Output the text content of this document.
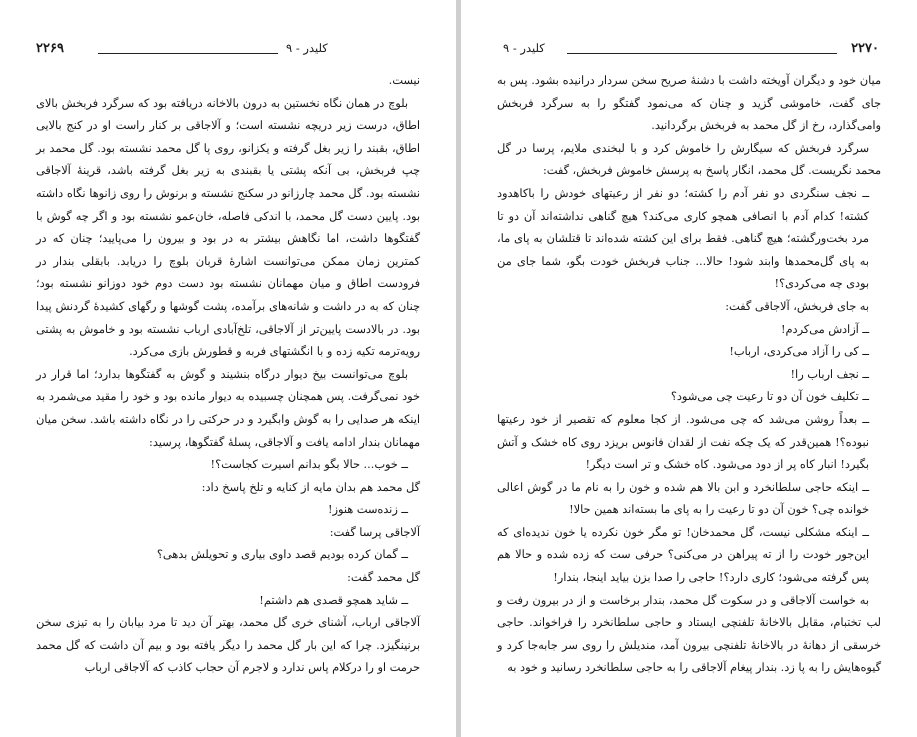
۲۲۶۹	کلیدر - ۹

نیست.

بلوچ در همان نگاه نخستین به درون بالاخانه دریافته بود که سرگرد فربخش بالای اطاق، درست زیر دریچه نشسته است؛ و آلاجاقی بر کنار راست او در کنج بالایی اطاق، بقبند را زیر بغل گرفته و یکزانو، روی پا گل محمد نشسته بود. گل محمد بر چپ فربخش، بی آنکه پشتی یا بقبندی به زیر بغل گرفته باشد، قرینهٔ آلاجاقی نشسته بود. گل محمد چارزانو در سکنج نشسته و برنوش را روی زانوها نگاه داشته بود. پایین دست گل محمد، با اندکی فاصله، خان‌عمو نشسته بود و اگر چه گوش با گفتگوها داشت، اما نگاهش بیشتر به در بود و بیرون را می‌پایید؛ چنان که در کمترین زمان ممکن می‌توانست اشارهٔ قربان بلوچ را دریابد. بابقلی بندار در فرودست اطاق و میان مهمانان نشسته بود دست دوم خود دوزانو نشسته بود؛ چنان که به در داشت و شانه‌های برآمده، پشت گوشها و رگهای کشیدهٔ گردنش پیدا بود. در بالادست پایین‌تر از آلاجاقی، تلخ‌آبادی ارباب نشسته بود و خاموش به پشتی رویه‌ترمه تکیه زده و با انگشتهای فربه و قطورش بازی می‌کرد.

بلوچ می‌توانست بیخ دیوار درگاه بنشیند و گوش به گفتگوها بدارد؛ اما قرار در خود نمی‌گرفت. پس همچنان چسبیده به دیوار مانده بود و خود را مقید می‌شمرد به اینکه هر صدایی را به گوش وابگیرد و در حرکتی را در نگاه داشته باشد. سخن میان مهمانان بندار ادامه یافت و آلاجاقی، پسلهٔ گفتگوها، پرسید:

ــ خوب... حالا بگو بدانم اسیرت کجاست؟!

گل محمد هم بدان مایه از کنایه و تلخ پاسخ داد:

ــ زنده‌ست هنوز!

آلاجاقی پرسا گفت:

ــ گمان کرده بودیم قصد داوی بیاری و تحویلش بدهی؟

گل محمد گفت:

ــ شاید همچو قصدی هم داشتم!

آلاجاقی ارباب، آشنای خری گل محمد، بهتر آن دید تا مرد بیابان را به تیزی سخن برنینگیزد. چرا که این بار گل محمد را دیگر یافته بود و بیم آن داشت که گل محمد حرمت او را درکلام پاس ندارد و لاجرم آن حجاب کاذب که آلاجاقی ارباب

۲۲۷۰
کلیدر - ۹

میان خود و دیگران آویخته داشت با دشنهٔ صریح سخن سردار درانیده بشود. پس به جای گفت، خاموشی گزید و چنان که می‌نمود گفتگو را به سرگرد فربخش وامی‌گذارد، رخ از گل محمد به فربخش برگردانید.

سرگرد فربخش که سیگارش را خاموش کرد و با لبخندی ملایم، پرسا در گل محمد نگریست. گل محمد، انگار پاسخ به پرسش خاموش فربخش، گفت:

ــ نجف سنگردی دو نفر آدم را کشته؛ دو نفر از رعیتهای خودش را باکاهدود کشته! کدام آدم با انصافی همچو کاری می‌کند؟ هیچ گناهی نداشته‌اند آن دو تا مرد بخت‌ورگشته؛ هیچ گناهی. فقط برای این کشته شده‌اند تا قتلشان به پای ما، به پای گل‌محمدها وابند شود! حالا... جناب فربخش خودت بگو، شما جای من بودی چه می‌کردی؟!

به جای فربخش، آلاجاقی گفت:

ــ آزادش می‌کردم!

ــ کی را آزاد می‌کردی، ارباب!

ــ نجف ارباب را!

ــ تکلیف خون آن دو تا رعیت چی می‌شود؟

ــ بعداً روشن می‌شد که چی می‌شود. از کجا معلوم که تقصیر از خود رعیتها نبوده؟! همین‌قدر که یک چکه نفت از لقدان فانوس بریزد روی کاه خشک و آتش بگیرد! انبار کاه پر از دود می‌شود. کاه خشک و تر است دیگر!

ــ اینکه حاجی سلطانخرد و ابن بالا هم شده و خون را به نام ما در گوش اعالی خوانده چی؟ خون آن دو تا رعیت را به پای ما بسته‌اند همین حالا!

ــ اینکه مشکلی نیست، گل محمدخان! تو مگر خون نکرده یا خون ندیده‌ای که این‌جور خودت را از ته پیراهن در می‌کنی؟ حرفی ست که زده شده و حالا هم پس گرفته می‌شود؛ کاری دارد؟! حاجی را صدا بزن بیاید اینجا، بندار!

به خواست آلاجاقی و در سکوت گل محمد، بندار برخاست و از در بیرون رفت و لب تختبام، مقابل بالاخانهٔ تلفنچی ایستاد و حاجی سلطانخرد را فراخواند. حاجی خرسقی از دهانهٔ در بالاخانهٔ تلفنچی بیرون آمد، مندیلش را روی سر جابه‌جا کرد و گیوه‌هایش را به پا زد. بندار پیغام آلاجاقی را به حاجی سلطانخرد رسانید و خود به
